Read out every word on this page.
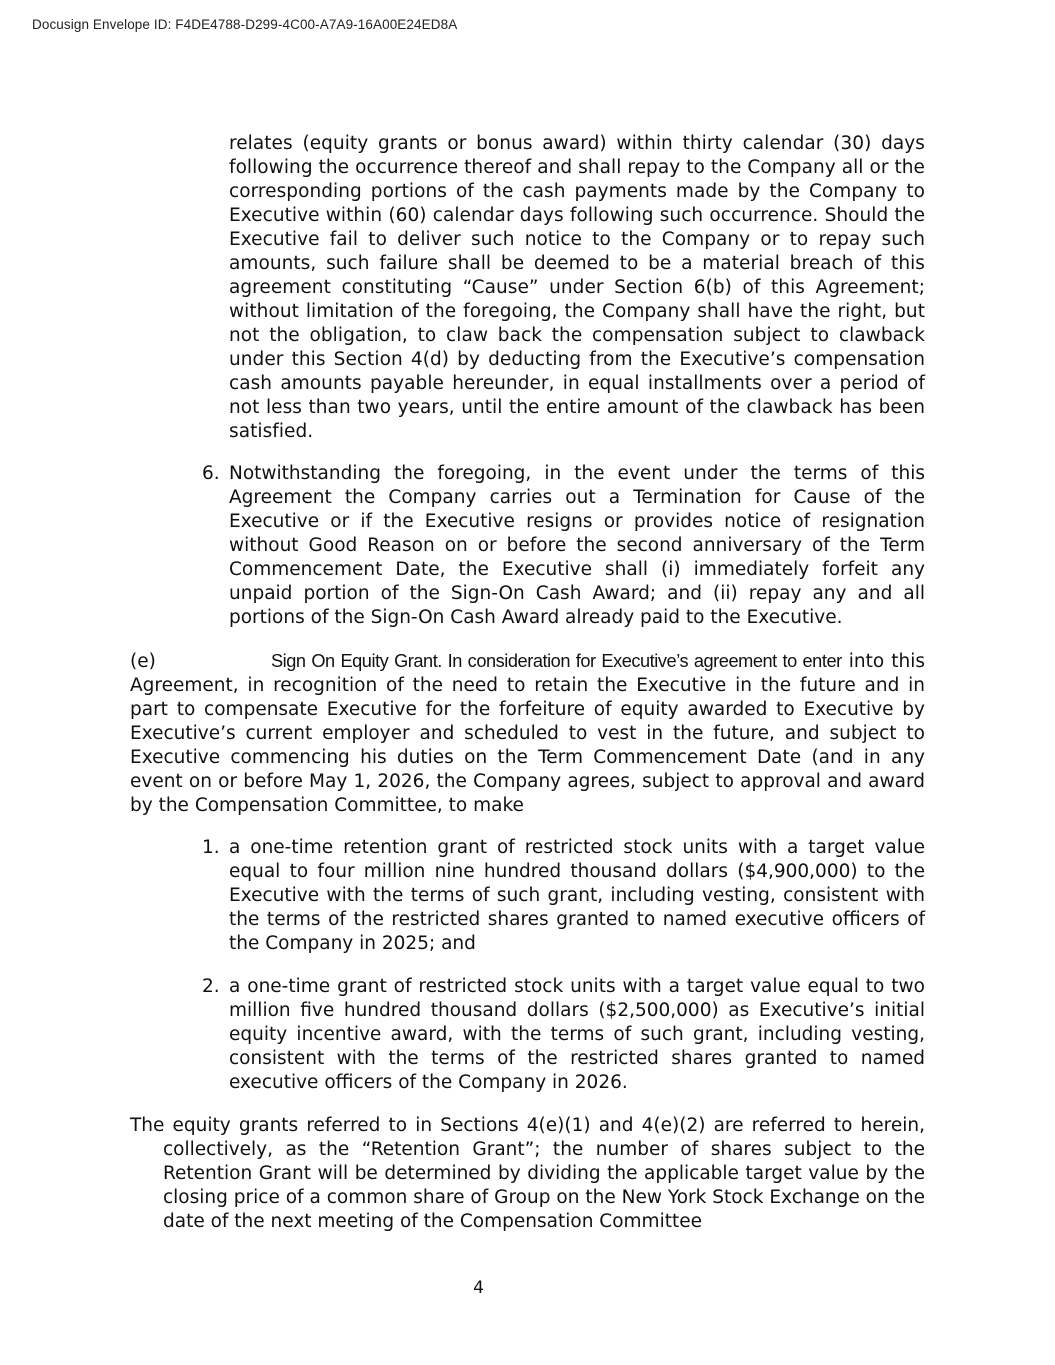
Docusign Envelope ID: F4DE4788-D299-4C00-A7A9-16A00E24ED8A

relates (equity grants or bonus award) within thirty calendar (30) days following the occurrence thereof and shall repay to the Company all or the corresponding portions of the cash payments made by the Company to Executive within (60) calendar days following such occurrence. Should the Executive fail to deliver such notice to the Company or to repay such amounts, such failure shall be deemed to be a material breach of this agreement constituting “Cause” under Section 6(b) of this Agreement; without limitation of the foregoing, the Company shall have the right, but not the obligation, to claw back the compensation subject to clawback under this Section 4(d) by deducting from the Executive’s compensation cash amounts payable hereunder, in equal installments over a period of not less than two years, until the entire amount of the clawback has been satisfied.

6. Notwithstanding the foregoing, in the event under the terms of this Agreement the Company carries out a Termination for Cause of the Executive or if the Executive resigns or provides notice of resignation without Good Reason on or before the second anniversary of the Term Commencement Date, the Executive shall (i) immediately forfeit any unpaid portion of the Sign-On Cash Award; and (ii) repay any and all portions of the Sign-On Cash Award already paid to the Executive.

(e)	Sign On Equity Grant. In consideration for Executive’s agreement to enter into this Agreement, in recognition of the need to retain the Executive in the future and in part to compensate Executive for the forfeiture of equity awarded to Executive by Executive’s current employer and scheduled to vest in the future, and subject to Executive commencing his duties on the Term Commencement Date (and in any event on or before May 1, 2026, the Company agrees, subject to approval and award by the Compensation Committee, to make

1. a one-time retention grant of restricted stock units with a target value equal to four million nine hundred thousand dollars ($4,900,000) to the Executive with the terms of such grant, including vesting, consistent with the terms of the restricted shares granted to named executive officers of the Company in 2025; and
2. a one-time grant of restricted stock units with a target value equal to two million five hundred thousand dollars ($2,500,000) as Executive’s initial equity incentive award, with the terms of such grant, including vesting, consistent with the terms of the restricted shares granted to named executive officers of the Company in 2026.

The equity grants referred to in Sections 4(e)(1) and 4(e)(2) are referred to herein, collectively, as the “Retention Grant”; the number of shares subject to the Retention Grant will be determined by dividing the applicable target value by the closing price of a common share of Group on the New York Stock Exchange on the date of the next meeting of the Compensation Committee

4
